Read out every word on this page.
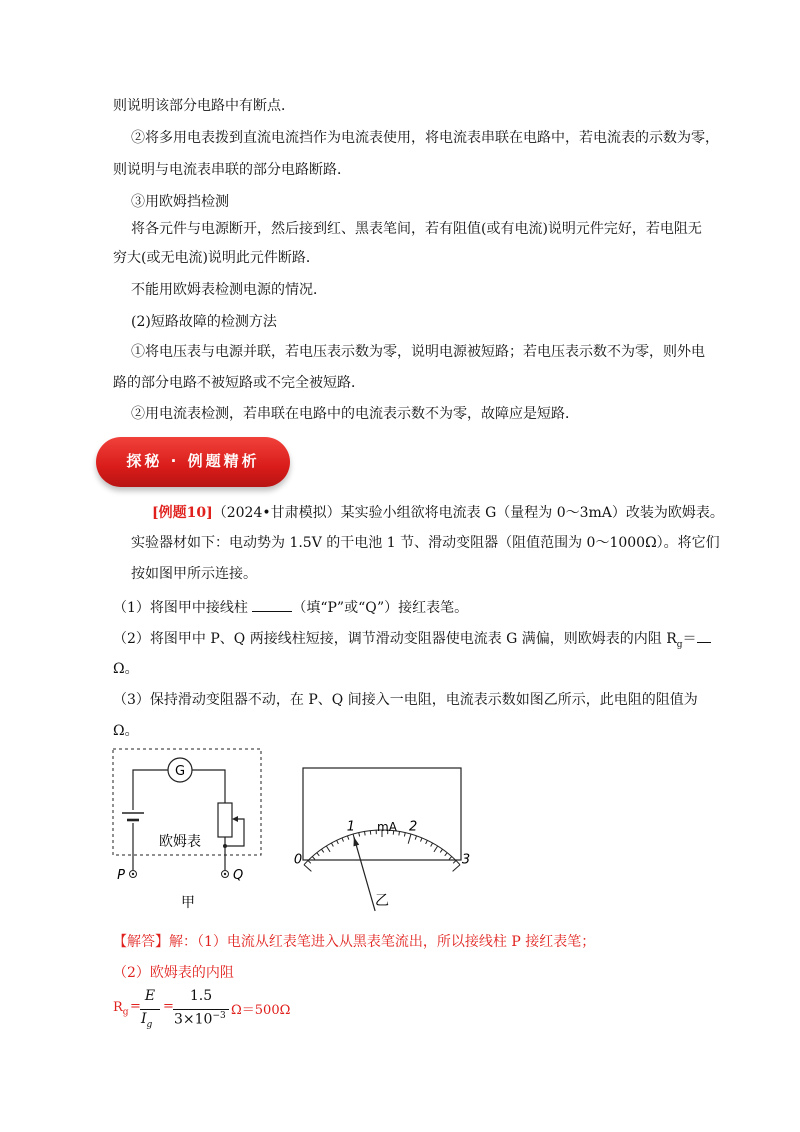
则说明该部分电路中有断点．
②将多用电表拨到直流电流挡作为电流表使用，将电流表串联在电路中，若电流表的示数为零，
则说明与电流表串联的部分电路断路．
③用欧姆挡检测
将各元件与电源断开，然后接到红、黑表笔间，若有阻值(或有电流)说明元件完好，若电阻无
穷大(或无电流)说明此元件断路．
不能用欧姆表检测电源的情况．
(2)短路故障的检测方法
①将电压表与电源并联，若电压表示数为零，说明电源被短路；若电压表示数不为零，则外电
路的部分电路不被短路或不完全被短路．
②用电流表检测，若串联在电路中的电流表示数不为零，故障应是短路．
探秘 · 例题精析
[例题10]（2024•甘肃模拟）某实验小组欲将电流表 G（量程为 0～3mA）改装为欧姆表。
实验器材如下：电动势为 1.5V 的干电池 1 节、滑动变阻器（阻值范围为 0～1000Ω）。将它们
按如图甲所示连接。
（1）将图甲中接线柱	（填“P”或“Q”）接红表笔。
（2）将图甲中 P、Q 两接线柱短接，调节滑动变阻器使电流表 G 满偏，则欧姆表的内阻 $R_g=$
Ω。
（3）保持滑动变阻器不动，在 P、Q 间接入一电阻，电流表示数如图乙所示，此电阻的阻值为
Ω。
G
欧姆表
P	Q
甲
0
1	2
3
mA
乙
【解答】解：（1）电流从红表笔进入从黑表笔流出，所以接线柱 P 接红表笔；
（2）欧姆表的内阻
$R_g$ =
E
$I_g$
=
1.5
$3\times 10^{-3}$ Ω＝500Ω
